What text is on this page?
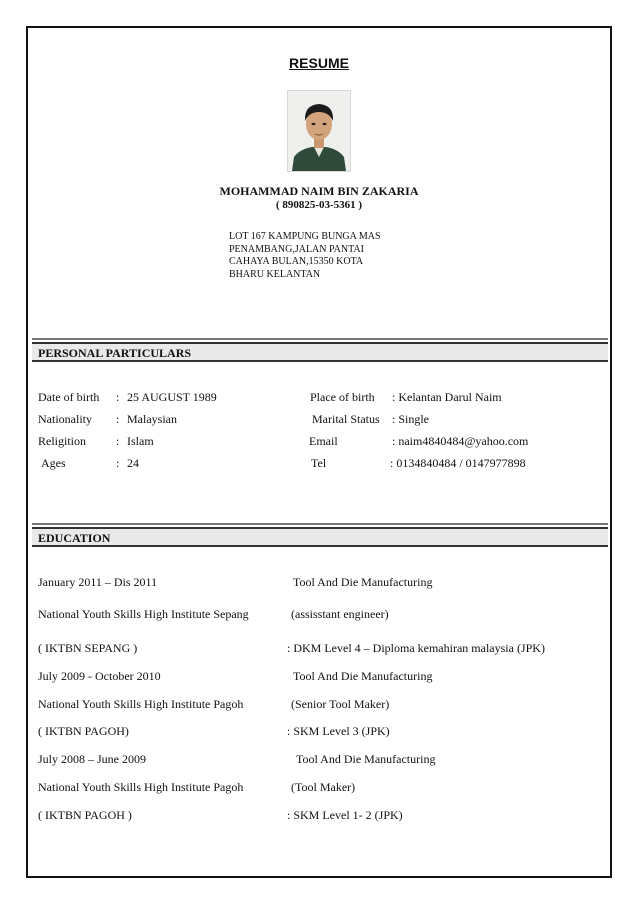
RESUME
MOHAMMAD NAIM BIN ZAKARIA
( 890825-03-5361 )
LOT 167 KAMPUNG BUNGA MAS
PENAMBANG,JALAN PANTAI
CAHAYA BULAN,15350 KOTA
BHARU KELANTAN
PERSONAL PARTICULARS
Date of birth : 25 AUGUST 1989	Place of birth : Kelantan Darul Naim
Nationality : Malaysian	Marital Status : Single
Religition	: Islam	Email	: naim4840484@yahoo.com
Ages	: 24	Tel	: 0134840484 / 0147977898
EDUCATION
January 2011 – Dis 2011	Tool And Die Manufacturing
National Youth Skills High Institute Sepang	(assisstant engineer)
( IKTBN SEPANG )	: DKM Level 4 – Diploma kemahiran malaysia (JPK)
July 2009 - October 2010	Tool And Die Manufacturing
National Youth Skills High Institute Pagoh	(Senior Tool Maker)
( IKTBN PAGOH)	: SKM Level 3 (JPK)
July 2008 – June 2009	Tool And Die Manufacturing
National Youth Skills High Institute Pagoh	(Tool Maker)
( IKTBN PAGOH )	: SKM Level 1- 2 (JPK)
